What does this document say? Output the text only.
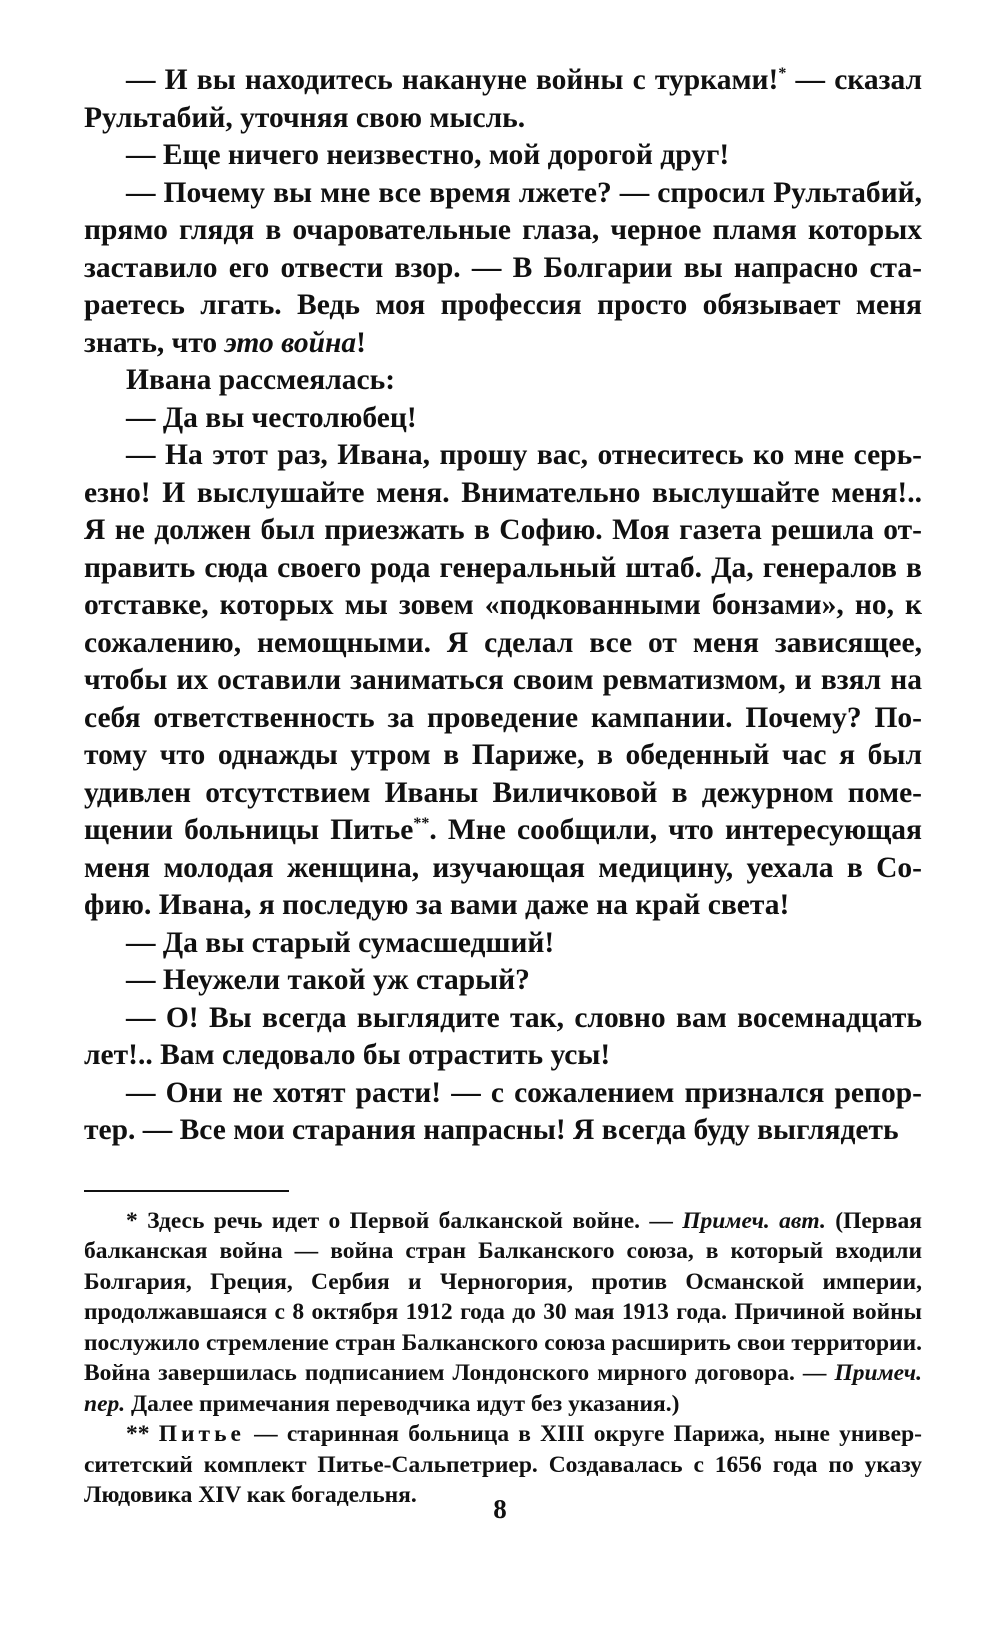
— И вы находитесь накануне войны с турками!* — сказал Рультабий, уточняя свою мысль.

— Еще ничего неизвестно, мой дорогой друг!

— Почему вы мне все время лжете? — спросил Рультабий, прямо глядя в очаровательные глаза, черное пламя которых заставило его отвести взор. — В Болгарии вы напрасно стараетесь лгать. Ведь моя профессия просто обязывает меня знать, что это война!

Ивана рассмеялась:

— Да вы честолюбец!

— На этот раз, Ивана, прошу вас, отнеситесь ко мне серьезно! И выслушайте меня. Внимательно выслушайте меня!.. Я не должен был приезжать в Софию. Моя газета решила отправить сюда своего рода генеральный штаб. Да, генералов в отставке, которых мы зовем «подкованными бонзами», но, к сожалению, немощными. Я сделал все от меня зависящее, чтобы их оставили заниматься своим ревматизмом, и взял на себя ответственность за проведение кампании. Почему? Потому что однажды утром в Париже, в обеденный час я был удивлен отсутствием Иваны Виличковой в дежурном помещении больницы Питье**. Мне сообщили, что интересующая меня молодая женщина, изучающая медицину, уехала в Софию. Ивана, я последую за вами даже на край света!

— Да вы старый сумасшедший!

— Неужели такой уж старый?

— О! Вы всегда выглядите так, словно вам восемнадцать лет!.. Вам следовало бы отрастить усы!

— Они не хотят расти! — с сожалением признался репортер. — Все мои старания напрасны! Я всегда буду выглядеть

* Здесь речь идет о Первой балканской войне. — Примеч. авт. (Первая балканская война — война стран Балканского союза, в который входили Болгария, Греция, Сербия и Черногория, против Османской империи, продолжавшаяся с 8 октября 1912 года до 30 мая 1913 года. Причиной войны послужило стремление стран Балканского союза расширить свои территории. Война завершилась подписанием Лондонского мирного договора. — Примеч. пер. Далее примечания переводчика идут без указания.)

** Питье — старинная больница в XIII округе Парижа, ныне университетский комплект Питье-Сальпетриер. Создавалась с 1656 года по указу Людовика XIV как богадельня.	8
